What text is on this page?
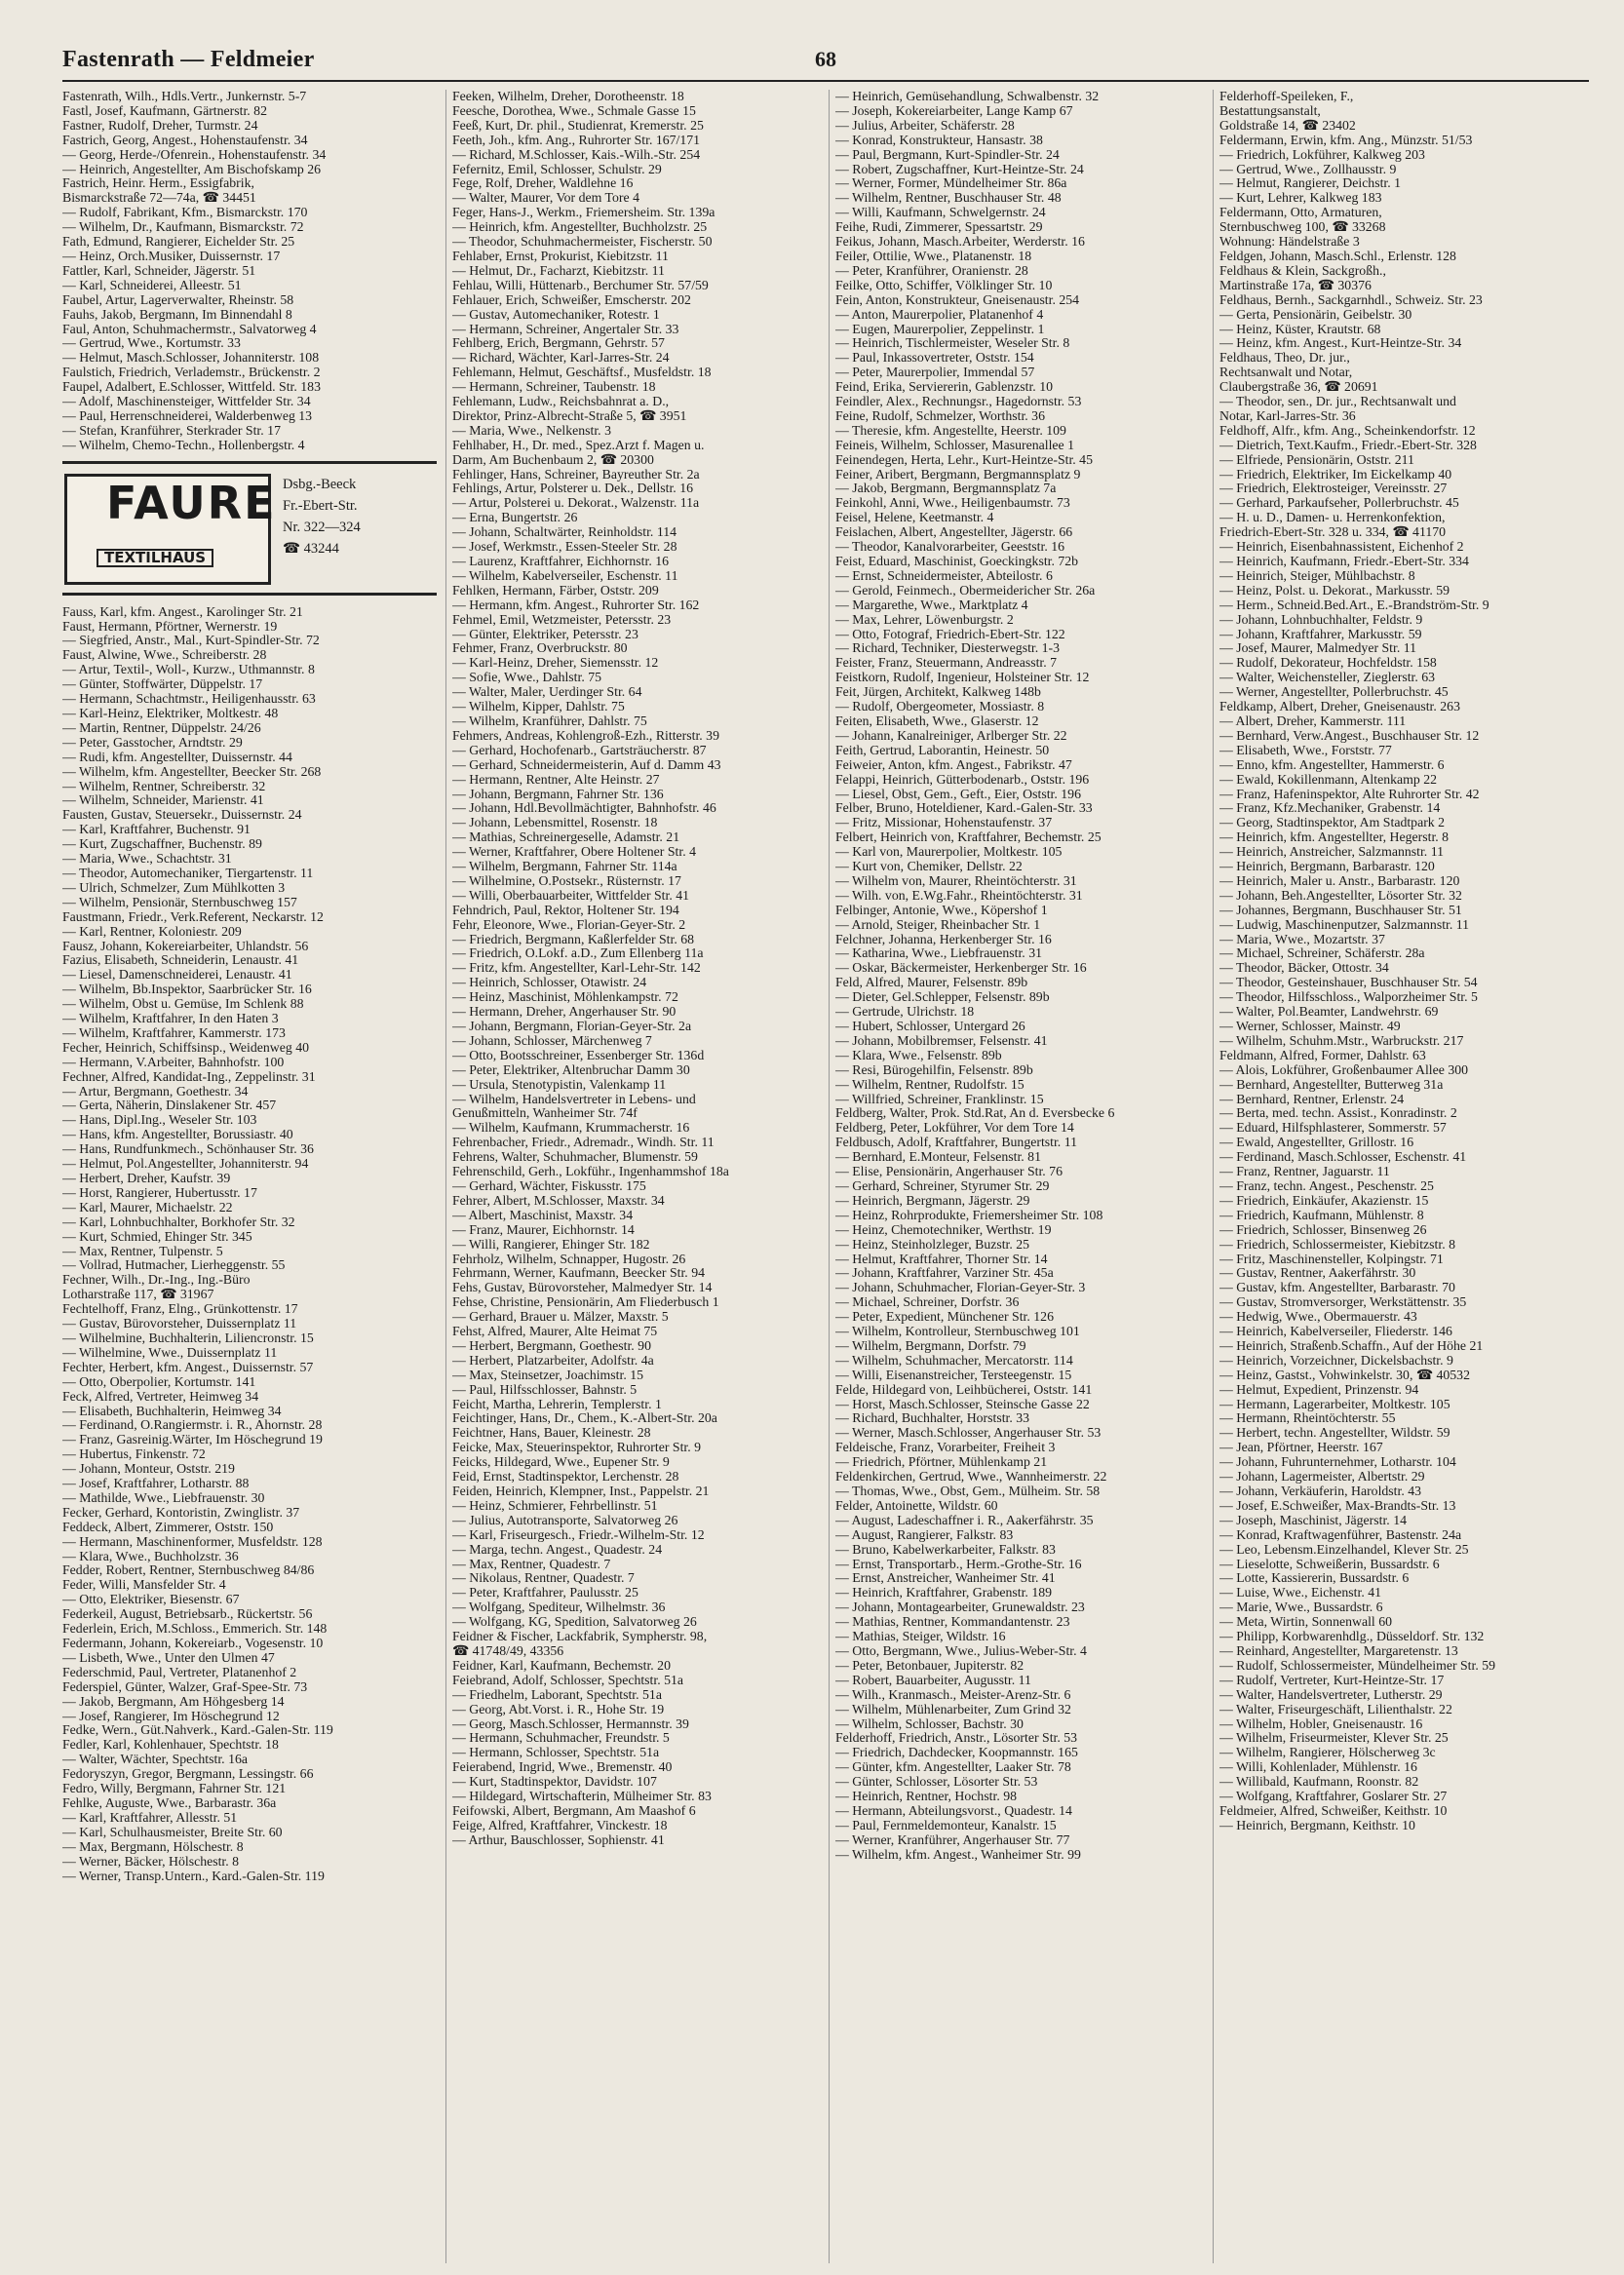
Fastenrath — Feldmeier	68
Fastenrath, Wilh., Hdls.Vertr., Junkernstr. 5-7
Fastl, Josef, Kaufmann, Gärtnerstr. 82
Fastner, Rudolf, Dreher, Turmstr. 24
Fastrich, Georg, Angest., Hohenstaufenstr. 34
— Georg, Herde-/Ofenrein., Hohenstaufenstr. 34
— Heinrich, Angestellter, Am Bischofskamp 26
Fastrich, Heinr. Herm., Essigfabrik,
Bismarckstraße 72—74a, ☎ 34451
— Rudolf, Fabrikant, Kfm., Bismarckstr. 170
— Wilhelm, Dr., Kaufmann, Bismarckstr. 72
Fath, Edmund, Rangierer, Eichelder Str. 25
— Heinz, Orch.Musiker, Duissernstr. 17
Fattler, Karl, Schneider, Jägerstr. 51
— Karl, Schneiderei, Alleestr. 51
Faubel, Artur, Lagerverwalter, Rheinstr. 58
Fauhs, Jakob, Bergmann, Im Binnendahl 8
Faul, Anton, Schuhmachermstr., Salvatorweg 4
— Gertrud, Wwe., Kortumstr. 33
— Helmut, Masch.Schlosser, Johanniterstr. 108
Faulstich, Friedrich, Verlademstr., Brückenstr. 2
Faupel, Adalbert, E.Schlosser, Wittfeld. Str. 183
— Adolf, Maschinensteiger, Wittfelder Str. 34
— Paul, Herrenschneiderei, Walderbenweg 13
— Stefan, Kranführer, Sterkrader Str. 17
— Wilhelm, Chemo-Techn., Hollenbergstr. 4
FAURE
TEXTILHAUS
Dsbg.-Beeck
Fr.-Ebert-Str.
Nr. 322—324
☎ 43244
Fauss, Karl, kfm. Angest., Karolinger Str. 21
Faust, Hermann, Pförtner, Wernerstr. 19
— Siegfried, Anstr., Mal., Kurt-Spindler-Str. 72
Faust, Alwine, Wwe., Schreiberstr. 28
— Artur, Textil-, Woll-, Kurzw., Uthmannstr. 8
— Günter, Stoffwärter, Düppelstr. 17
— Hermann, Schachtmstr., Heiligenhausstr. 63
— Karl-Heinz, Elektriker, Moltkestr. 48
— Martin, Rentner, Düppelstr. 24/26
— Peter, Gasstocher, Arndtstr. 29
— Rudi, kfm. Angestellter, Duissernstr. 44
— Wilhelm, kfm. Angestellter, Beecker Str. 268
— Wilhelm, Rentner, Schreiberstr. 32
— Wilhelm, Schneider, Marienstr. 41
Fausten, Gustav, Steuersekr., Duissernstr. 24
— Karl, Kraftfahrer, Buchenstr. 91
— Kurt, Zugschaffner, Buchenstr. 89
— Maria, Wwe., Schachtstr. 31
— Theodor, Automechaniker, Tiergartenstr. 11
— Ulrich, Schmelzer, Zum Mühlkotten 3
— Wilhelm, Pensionär, Sternbuschweg 157
Faustmann, Friedr., Verk.Referent, Neckarstr. 12
— Karl, Rentner, Koloniestr. 209
Fausz, Johann, Kokereiarbeiter, Uhlandstr. 56
Fazius, Elisabeth, Schneiderin, Lenaustr. 41
— Liesel, Damenschneiderei, Lenaustr. 41
— Wilhelm, Bb.Inspektor, Saarbrücker Str. 16
— Wilhelm, Obst u. Gemüse, Im Schlenk 88
— Wilhelm, Kraftfahrer, In den Haten 3
— Wilhelm, Kraftfahrer, Kammerstr. 173
Fecher, Heinrich, Schiffsinsp., Weidenweg 40
— Hermann, V.Arbeiter, Bahnhofstr. 100
Fechner, Alfred, Kandidat-Ing., Zeppelinstr. 31
— Artur, Bergmann, Goethestr. 34
— Gerta, Näherin, Dinslakener Str. 457
— Hans, Dipl.Ing., Weseler Str. 103
— Hans, kfm. Angestellter, Borussiastr. 40
— Hans, Rundfunkmech., Schönhauser Str. 36
— Helmut, Pol.Angestellter, Johanniterstr. 94
— Herbert, Dreher, Kaufstr. 39
— Horst, Rangierer, Hubertusstr. 17
— Karl, Maurer, Michaelstr. 22
— Karl, Lohnbuchhalter, Borkhofer Str. 32
— Kurt, Schmied, Ehinger Str. 345
— Max, Rentner, Tulpenstr. 5
— Vollrad, Hutmacher, Lierheggenstr. 55
Fechner, Wilh., Dr.-Ing., Ing.-Büro
Lotharstraße 117, ☎ 31967
Fechtelhoff, Franz, Elng., Grünkottenstr. 17
— Gustav, Bürovorsteher, Duissernplatz 11
— Wilhelmine, Buchhalterin, Liliencronstr. 15
— Wilhelmine, Wwe., Duissernplatz 11
Fechter, Herbert, kfm. Angest., Duissernstr. 57
— Otto, Oberpolier, Kortumstr. 141
Feck, Alfred, Vertreter, Heimweg 34
— Elisabeth, Buchhalterin, Heimweg 34
— Ferdinand, O.Rangiermstr. i. R., Ahornstr. 28
— Franz, Gasreinig.Wärter, Im Höschegrund 19
— Hubertus, Finkenstr. 72
— Johann, Monteur, Oststr. 219
— Josef, Kraftfahrer, Lotharstr. 88
— Mathilde, Wwe., Liebfrauenstr. 30
Fecker, Gerhard, Kontoristin, Zwinglistr. 37
Feddeck, Albert, Zimmerer, Oststr. 150
— Hermann, Maschinenformer, Musfeldstr. 128
— Klara, Wwe., Buchholzstr. 36
Fedder, Robert, Rentner, Sternbuschweg 84/86
Feder, Willi, Mansfelder Str. 4
— Otto, Elektriker, Biesenstr. 67
Federkeil, August, Betriebsarb., Rückertstr. 56
Federlein, Erich, M.Schloss., Emmerich. Str. 148
Federmann, Johann, Kokereiarb., Vogesenstr. 10
— Lisbeth, Wwe., Unter den Ulmen 47
Federschmid, Paul, Vertreter, Platanenhof 2
Federspiel, Günter, Walzer, Graf-Spee-Str. 73
— Jakob, Bergmann, Am Höhgesberg 14
— Josef, Rangierer, Im Höschegrund 12
Fedke, Wern., Güt.Nahverk., Kard.-Galen-Str. 119
Fedler, Karl, Kohlenhauer, Spechtstr. 18
— Walter, Wächter, Spechtstr. 16a
Fedoryszyn, Gregor, Bergmann, Lessingstr. 66
Fedro, Willy, Bergmann, Fahrner Str. 121
Fehlke, Auguste, Wwe., Barbarastr. 36a
— Karl, Kraftfahrer, Allesstr. 51
— Karl, Schulhausmeister, Breite Str. 60
— Max, Bergmann, Hölschestr. 8
— Werner, Bäcker, Hölschestr. 8
— Werner, Transp.Untern., Kard.-Galen-Str. 119
Feeken, Wilhelm, Dreher, Dorotheenstr. 18
Feesche, Dorothea, Wwe., Schmale Gasse 15
Feeß, Kurt, Dr. phil., Studienrat, Kremerstr. 25
Feeth, Joh., kfm. Ang., Ruhrorter Str. 167/171
— Richard, M.Schlosser, Kais.-Wilh.-Str. 254
Fefernitz, Emil, Schlosser, Schulstr. 29
Fege, Rolf, Dreher, Waldlehne 16
— Walter, Maurer, Vor dem Tore 4
Feger, Hans-J., Werkm., Friemersheim. Str. 139a
— Heinrich, kfm. Angestellter, Buchholzstr. 25
— Theodor, Schuhmachermeister, Fischerstr. 50
Fehlaber, Ernst, Prokurist, Kiebitzstr. 11
— Helmut, Dr., Facharzt, Kiebitzstr. 11
Fehlau, Willi, Hüttenarb., Berchumer Str. 57/59
Fehlauer, Erich, Schweißer, Emscherstr. 202
— Gustav, Automechaniker, Rotestr. 1
— Hermann, Schreiner, Angertaler Str. 33
Fehlberg, Erich, Bergmann, Gehrstr. 57
— Richard, Wächter, Karl-Jarres-Str. 24
Fehlemann, Helmut, Geschäftsf., Musfeldstr. 18
— Hermann, Schreiner, Taubenstr. 18
Fehlemann, Ludw., Reichsbahnrat a. D.,
Direktor, Prinz-Albrecht-Straße 5, ☎ 3951
— Maria, Wwe., Nelkenstr. 3
Fehlhaber, H., Dr. med., Spez.Arzt f. Magen u.
Darm, Am Buchenbaum 2, ☎ 20300
Fehlinger, Hans, Schreiner, Bayreuther Str. 2a
Fehlings, Artur, Polsterer u. Dek., Dellstr. 16
— Artur, Polsterei u. Dekorat., Walzenstr. 11a
— Erna, Bungertstr. 26
— Johann, Schaltwärter, Reinholdstr. 114
— Josef, Werkmstr., Essen-Steeler Str. 28
— Laurenz, Kraftfahrer, Eichhornstr. 16
— Wilhelm, Kabelverseiler, Eschenstr. 11
Fehlken, Hermann, Färber, Oststr. 209
— Hermann, kfm. Angest., Ruhrorter Str. 162
Fehmel, Emil, Wetzmeister, Petersstr. 23
— Günter, Elektriker, Petersstr. 23
Fehmer, Franz, Overbruckstr. 80
— Karl-Heinz, Dreher, Siemensstr. 12
— Sofie, Wwe., Dahlstr. 75
— Walter, Maler, Uerdinger Str. 64
— Wilhelm, Kipper, Dahlstr. 75
— Wilhelm, Kranführer, Dahlstr. 75
Fehmers, Andreas, Kohlengroß-Ezh., Ritterstr. 39
— Gerhard, Hochofenarb., Gartsträucherstr. 87
— Gerhard, Schneidermeisterin, Auf d. Damm 43
— Hermann, Rentner, Alte Heinstr. 27
— Johann, Bergmann, Fahrner Str. 136
— Johann, Hdl.Bevollmächtigter, Bahnhofstr. 46
— Johann, Lebensmittel, Rosenstr. 18
— Mathias, Schreinergeselle, Adamstr. 21
— Werner, Kraftfahrer, Obere Holtener Str. 4
— Wilhelm, Bergmann, Fahrner Str. 114a
— Wilhelmine, O.Postsekr., Rüsternstr. 17
— Willi, Oberbauarbeiter, Wittfelder Str. 41
Fehndrich, Paul, Rektor, Holtener Str. 194
Fehr, Eleonore, Wwe., Florian-Geyer-Str. 2
— Friedrich, Bergmann, Kaßlerfelder Str. 68
— Friedrich, O.Lokf. a.D., Zum Ellenberg 11a
— Fritz, kfm. Angestellter, Karl-Lehr-Str. 142
— Heinrich, Schlosser, Otawistr. 24
— Heinz, Maschinist, Möhlenkampstr. 72
— Hermann, Dreher, Angerhauser Str. 90
— Johann, Bergmann, Florian-Geyer-Str. 2a
— Johann, Schlosser, Märchenweg 7
— Otto, Bootsschreiner, Essenberger Str. 136d
— Peter, Elektriker, Altenbruchar Damm 30
— Ursula, Stenotypistin, Valenkamp 11
— Wilhelm, Handelsvertreter in Lebens- und
Genußmitteln, Wanheimer Str. 74f
— Wilhelm, Kaufmann, Krummacherstr. 16
Fehrenbacher, Friedr., Adremadr., Windh. Str. 11
Fehrens, Walter, Schuhmacher, Blumenstr. 59
Fehrenschild, Gerh., Lokführ., Ingenhammshof 18a
— Gerhard, Wächter, Fiskusstr. 175
Fehrer, Albert, M.Schlosser, Maxstr. 34
— Albert, Maschinist, Maxstr. 34
— Franz, Maurer, Eichhornstr. 14
— Willi, Rangierer, Ehinger Str. 182
Fehrholz, Wilhelm, Schnapper, Hugostr. 26
Fehrmann, Werner, Kaufmann, Beecker Str. 94
Fehs, Gustav, Bürovorsteher, Malmedyer Str. 14
Fehse, Christine, Pensionärin, Am Fliederbusch 1
— Gerhard, Brauer u. Mälzer, Maxstr. 5
Fehst, Alfred, Maurer, Alte Heimat 75
— Herbert, Bergmann, Goethestr. 90
— Herbert, Platzarbeiter, Adolfstr. 4a
— Max, Steinsetzer, Joachimstr. 15
— Paul, Hilfsschlosser, Bahnstr. 5
Feicht, Martha, Lehrerin, Templerstr. 1
Feichtinger, Hans, Dr., Chem., K.-Albert-Str. 20a
Feichtner, Hans, Bauer, Kleinestr. 28
Feicke, Max, Steuerinspektor, Ruhrorter Str. 9
Feicks, Hildegard, Wwe., Eupener Str. 9
Feid, Ernst, Stadtinspektor, Lerchenstr. 28
Feiden, Heinrich, Klempner, Inst., Pappelstr. 21
— Heinz, Schmierer, Fehrbellinstr. 51
— Julius, Autotransporte, Salvatorweg 26
— Karl, Friseurgesch., Friedr.-Wilhelm-Str. 12
— Marga, techn. Angest., Quadestr. 24
— Max, Rentner, Quadestr. 7
— Nikolaus, Rentner, Quadestr. 7
— Peter, Kraftfahrer, Paulusstr. 25
— Wolfgang, Spediteur, Wilhelmstr. 36
— Wolfgang, KG, Spedition, Salvatorweg 26
Feidner & Fischer, Lackfabrik, Sympherstr. 98,
☎ 41748/49, 43356
Feidner, Karl, Kaufmann, Bechemstr. 20
Feiebrand, Adolf, Schlosser, Spechtstr. 51a
— Friedhelm, Laborant, Spechtstr. 51a
— Georg, Abt.Vorst. i. R., Hohe Str. 19
— Georg, Masch.Schlosser, Hermannstr. 39
— Hermann, Schuhmacher, Freundstr. 5
— Hermann, Schlosser, Spechtstr. 51a
Feierabend, Ingrid, Wwe., Bremenstr. 40
— Kurt, Stadtinspektor, Davidstr. 107
— Hildegard, Wirtschafterin, Mülheimer Str. 83
Feifowski, Albert, Bergmann, Am Maashof 6
Feige, Alfred, Kraftfahrer, Vinckestr. 18
— Arthur, Bauschlosser, Sophienstr. 41
— Heinrich, Gemüsehandlung, Schwalbenstr. 32
— Joseph, Kokereiarbeiter, Lange Kamp 67
— Julius, Arbeiter, Schäferstr. 28
— Konrad, Konstrukteur, Hansastr. 38
— Paul, Bergmann, Kurt-Spindler-Str. 24
— Robert, Zugschaffner, Kurt-Heintze-Str. 24
— Werner, Former, Mündelheimer Str. 86a
— Wilhelm, Rentner, Buschhauser Str. 48
— Willi, Kaufmann, Schwelgernstr. 24
Feihe, Rudi, Zimmerer, Spessartstr. 29
Feikus, Johann, Masch.Arbeiter, Werderstr. 16
Feiler, Ottilie, Wwe., Platanenstr. 18
— Peter, Kranführer, Oranienstr. 28
Feilke, Otto, Schiffer, Völklinger Str. 10
Fein, Anton, Konstrukteur, Gneisenaustr. 254
— Anton, Maurerpolier, Platanenhof 4
— Eugen, Maurerpolier, Zeppelinstr. 1
— Heinrich, Tischlermeister, Weseler Str. 8
— Paul, Inkassovertreter, Oststr. 154
— Peter, Maurerpolier, Immendal 57
Feind, Erika, Serviererin, Gablenzstr. 10
Feindler, Alex., Rechnungsr., Hagedornstr. 53
Feine, Rudolf, Schmelzer, Worthstr. 36
— Theresie, kfm. Angestellte, Heerstr. 109
Feineis, Wilhelm, Schlosser, Masurenallee 1
Feinendegen, Herta, Lehr., Kurt-Heintze-Str. 45
Feiner, Aribert, Bergmann, Bergmannsplatz 9
— Jakob, Bergmann, Bergmannsplatz 7a
Feinkohl, Anni, Wwe., Heiligenbaumstr. 73
Feisel, Helene, Keetmanstr. 4
Feislachen, Albert, Angestellter, Jägerstr. 66
— Theodor, Kanalvorarbeiter, Geeststr. 16
Feist, Eduard, Maschinist, Goeckingkstr. 72b
— Ernst, Schneidermeister, Abteilostr. 6
— Gerold, Feinmech., Obermeidericher Str. 26a
— Margarethe, Wwe., Marktplatz 4
— Max, Lehrer, Löwenburgstr. 2
— Otto, Fotograf, Friedrich-Ebert-Str. 122
— Richard, Techniker, Diesterwegstr. 1-3
Feister, Franz, Steuermann, Andreasstr. 7
Feistkorn, Rudolf, Ingenieur, Holsteiner Str. 12
Feit, Jürgen, Architekt, Kalkweg 148b
— Rudolf, Obergeometer, Mossiastr. 8
Feiten, Elisabeth, Wwe., Glaserstr. 12
— Johann, Kanalreiniger, Arlberger Str. 22
Feith, Gertrud, Laborantin, Heinestr. 50
Feiweier, Anton, kfm. Angest., Fabrikstr. 47
Felappi, Heinrich, Gütterbodenarb., Oststr. 196
— Liesel, Obst, Gem., Geft., Eier, Oststr. 196
Felber, Bruno, Hoteldiener, Kard.-Galen-Str. 33
— Fritz, Missionar, Hohenstaufenstr. 37
Felbert, Heinrich von, Kraftfahrer, Bechemstr. 25
— Karl von, Maurerpolier, Moltkestr. 105
— Kurt von, Chemiker, Dellstr. 22
— Wilhelm von, Maurer, Rheintöchterstr. 31
— Wilh. von, E.Wg.Fahr., Rheintöchterstr. 31
Felbinger, Antonie, Wwe., Köpershof 1
— Arnold, Steiger, Rheinbacher Str. 1
Felchner, Johanna, Herkenberger Str. 16
— Katharina, Wwe., Liebfrauenstr. 31
— Oskar, Bäckermeister, Herkenberger Str. 16
Feld, Alfred, Maurer, Felsenstr. 89b
— Dieter, Gel.Schlepper, Felsenstr. 89b
— Gertrude, Ulrichstr. 18
— Hubert, Schlosser, Untergard 26
— Johann, Mobilbremser, Felsenstr. 41
— Klara, Wwe., Felsenstr. 89b
— Resi, Bürogehilfin, Felsenstr. 89b
— Wilhelm, Rentner, Rudolfstr. 15
— Willfried, Schreiner, Franklinstr. 15
Feldberg, Walter, Prok. Std.Rat, An d. Eversbecke 6
Feldberg, Peter, Lokführer, Vor dem Tore 14
Feldbusch, Adolf, Kraftfahrer, Bungertstr. 11
— Bernhard, E.Monteur, Felsenstr. 81
— Elise, Pensionärin, Angerhauser Str. 76
— Gerhard, Schreiner, Styrumer Str. 29
— Heinrich, Bergmann, Jägerstr. 29
— Heinz, Rohrprodukte, Friemersheimer Str. 108
— Heinz, Chemotechniker, Werthstr. 19
— Heinz, Steinholzleger, Buzstr. 25
— Helmut, Kraftfahrer, Thorner Str. 14
— Johann, Kraftfahrer, Varziner Str. 45a
— Johann, Schuhmacher, Florian-Geyer-Str. 3
— Michael, Schreiner, Dorfstr. 36
— Peter, Expedient, Münchener Str. 126
— Wilhelm, Kontrolleur, Sternbuschweg 101
— Wilhelm, Bergmann, Dorfstr. 79
— Wilhelm, Schuhmacher, Mercatorstr. 114
— Willi, Eisenanstreicher, Tersteegenstr. 15
Felde, Hildegard von, Leihbücherei, Oststr. 141
— Horst, Masch.Schlosser, Steinsche Gasse 22
— Richard, Buchhalter, Horststr. 33
— Werner, Masch.Schlosser, Angerhauser Str. 53
Feldeische, Franz, Vorarbeiter, Freiheit 3
— Friedrich, Pförtner, Mühlenkamp 21
Feldenkirchen, Gertrud, Wwe., Wannheimerstr. 22
— Thomas, Wwe., Obst, Gem., Mülheim. Str. 58
Felder, Antoinette, Wildstr. 60
— August, Ladeschaffner i. R., Aakerfährstr. 35
— August, Rangierer, Falkstr. 83
— Bruno, Kabelwerkarbeiter, Falkstr. 83
— Ernst, Transportarb., Herm.-Grothe-Str. 16
— Ernst, Anstreicher, Wanheimer Str. 41
— Heinrich, Kraftfahrer, Grabenstr. 189
— Johann, Montagearbeiter, Grunewaldstr. 23
— Mathias, Rentner, Kommandantenstr. 23
— Mathias, Steiger, Wildstr. 16
— Otto, Bergmann, Wwe., Julius-Weber-Str. 4
— Peter, Betonbauer, Jupiterstr. 82
— Robert, Bauarbeiter, Augusstr. 11
— Wilh., Kranmasch., Meister-Arenz-Str. 6
— Wilhelm, Mühlenarbeiter, Zum Grind 32
— Wilhelm, Schlosser, Bachstr. 30
Felderhoff, Friedrich, Anstr., Lösorter Str. 53
— Friedrich, Dachdecker, Koopmannstr. 165
— Günter, kfm. Angestellter, Laaker Str. 78
— Günter, Schlosser, Lösorter Str. 53
— Heinrich, Rentner, Hochstr. 98
— Hermann, Abteilungsvorst., Quadestr. 14
— Paul, Fernmeldemonteur, Kanalstr. 15
— Werner, Kranführer, Angerhauser Str. 77
— Wilhelm, kfm. Angest., Wanheimer Str. 99
Felderhoff-Speileken, F.,
Bestattungsanstalt,
Goldstraße 14, ☎ 23402
Feldermann, Erwin, kfm. Ang., Münzstr. 51/53
— Friedrich, Lokführer, Kalkweg 203
— Gertrud, Wwe., Zollhausstr. 9
— Helmut, Rangierer, Deichstr. 1
— Kurt, Lehrer, Kalkweg 183
Feldermann, Otto, Armaturen,
Sternbuschweg 100, ☎ 33268
Wohnung: Händelstraße 3
Feldgen, Johann, Masch.Schl., Erlenstr. 128
Feldhaus & Klein, Sackgroßh.,
Martinstraße 17a, ☎ 30376
Feldhaus, Bernh., Sackgarnhdl., Schweiz. Str. 23
— Gerta, Pensionärin, Geibelstr. 30
— Heinz, Küster, Krautstr. 68
— Heinz, kfm. Angest., Kurt-Heintze-Str. 34
Feldhaus, Theo, Dr. jur.,
Rechtsanwalt und Notar,
Claubergstraße 36, ☎ 20691
— Theodor, sen., Dr. jur., Rechtsanwalt und
Notar, Karl-Jarres-Str. 36
Feldhoff, Alfr., kfm. Ang., Scheinkendorfstr. 12
— Dietrich, Text.Kaufm., Friedr.-Ebert-Str. 328
— Elfriede, Pensionärin, Oststr. 211
— Friedrich, Elektriker, Im Eickelkamp 40
— Friedrich, Elektrosteiger, Vereinsstr. 27
— Gerhard, Parkaufseher, Pollerbruchstr. 45
— H. u. D., Damen- u. Herrenkonfektion,
Friedrich-Ebert-Str. 328 u. 334, ☎ 41170
— Heinrich, Eisenbahnassistent, Eichenhof 2
— Heinrich, Kaufmann, Friedr.-Ebert-Str. 334
— Heinrich, Steiger, Mühlbachstr. 8
— Heinz, Polst. u. Dekorat., Markusstr. 59
— Herm., Schneid.Bed.Art., E.-Brandström-Str. 9
— Johann, Lohnbuchhalter, Feldstr. 9
— Johann, Kraftfahrer, Markusstr. 59
— Josef, Maurer, Malmedyer Str. 11
— Rudolf, Dekorateur, Hochfeldstr. 158
— Walter, Weichensteller, Zieglerstr. 63
— Werner, Angestellter, Pollerbruchstr. 45
Feldkamp, Albert, Dreher, Gneisenaustr. 263
— Albert, Dreher, Kammerstr. 111
— Bernhard, Verw.Angest., Buschhauser Str. 12
— Elisabeth, Wwe., Forststr. 77
— Enno, kfm. Angestellter, Hammerstr. 6
— Ewald, Kokillenmann, Altenkamp 22
— Franz, Hafeninspektor, Alte Ruhrorter Str. 42
— Franz, Kfz.Mechaniker, Grabenstr. 14
— Georg, Stadtinspektor, Am Stadtpark 2
— Heinrich, kfm. Angestellter, Hegerstr. 8
— Heinrich, Anstreicher, Salzmannstr. 11
— Heinrich, Bergmann, Barbarastr. 120
— Heinrich, Maler u. Anstr., Barbarastr. 120
— Johann, Beh.Angestellter, Lösorter Str. 32
— Johannes, Bergmann, Buschhauser Str. 51
— Ludwig, Maschinenputzer, Salzmannstr. 11
— Maria, Wwe., Mozartstr. 37
— Michael, Schreiner, Schäferstr. 28a
— Theodor, Bäcker, Ottostr. 34
— Theodor, Gesteinshauer, Buschhauser Str. 54
— Theodor, Hilfsschloss., Walporzheimer Str. 5
— Walter, Pol.Beamter, Landwehrstr. 69
— Werner, Schlosser, Mainstr. 49
— Wilhelm, Schuhm.Mstr., Warbruckstr. 217
Feldmann, Alfred, Former, Dahlstr. 63
— Alois, Lokführer, Großenbaumer Allee 300
— Bernhard, Angestellter, Butterweg 31a
— Bernhard, Rentner, Erlenstr. 24
— Berta, med. techn. Assist., Konradinstr. 2
— Eduard, Hilfsphlasterer, Sommerstr. 57
— Ewald, Angestellter, Grillostr. 16
— Ferdinand, Masch.Schlosser, Eschenstr. 41
— Franz, Rentner, Jaguarstr. 11
— Franz, techn. Angest., Peschenstr. 25
— Friedrich, Einkäufer, Akazienstr. 15
— Friedrich, Kaufmann, Mühlenstr. 8
— Friedrich, Schlosser, Binsenweg 26
— Friedrich, Schlossermeister, Kiebitzstr. 8
— Fritz, Maschinensteller, Kolpingstr. 71
— Gustav, Rentner, Aakerfährstr. 30
— Gustav, kfm. Angestellter, Barbarastr. 70
— Gustav, Stromversorger, Werkstättenstr. 35
— Hedwig, Wwe., Obermauerstr. 43
— Heinrich, Kabelverseiler, Fliederstr. 146
— Heinrich, Straßenb.Schaffn., Auf der Höhe 21
— Heinrich, Vorzeichner, Dickelsbachstr. 9
— Heinz, Gastst., Vohwinkelstr. 30, ☎ 40532
— Helmut, Expedient, Prinzenstr. 94
— Hermann, Lagerarbeiter, Moltkestr. 105
— Hermann, Rheintöchterstr. 55
— Herbert, techn. Angestellter, Wildstr. 59
— Jean, Pförtner, Heerstr. 167
— Johann, Fuhrunternehmer, Lotharstr. 104
— Johann, Lagermeister, Albertstr. 29
— Johann, Verkäuferin, Haroldstr. 43
— Josef, E.Schweißer, Max-Brandts-Str. 13
— Joseph, Maschinist, Jägerstr. 14
— Konrad, Kraftwagenführer, Bastenstr. 24a
— Leo, Lebensm.Einzelhandel, Klever Str. 25
— Lieselotte, Schweißerin, Bussardstr. 6
— Lotte, Kassiererin, Bussardstr. 6
— Luise, Wwe., Eichenstr. 41
— Marie, Wwe., Bussardstr. 6
— Meta, Wirtin, Sonnenwall 60
— Philipp, Korbwarenhdlg., Düsseldorf. Str. 132
— Reinhard, Angestellter, Margaretenstr. 13
— Rudolf, Schlossermeister, Mündelheimer Str. 59
— Rudolf, Vertreter, Kurt-Heintze-Str. 17
— Walter, Handelsvertreter, Lutherstr. 29
— Walter, Friseurgeschäft, Lilienthalstr. 22
— Wilhelm, Hobler, Gneisenaustr. 16
— Wilhelm, Friseurmeister, Klever Str. 25
— Wilhelm, Rangierer, Hölscherweg 3c
— Willi, Kohlenlader, Mühlenstr. 16
— Willibald, Kaufmann, Roonstr. 82
— Wolfgang, Kraftfahrer, Goslarer Str. 27
Feldmeier, Alfred, Schweißer, Keithstr. 10
— Heinrich, Bergmann, Keithstr. 10
